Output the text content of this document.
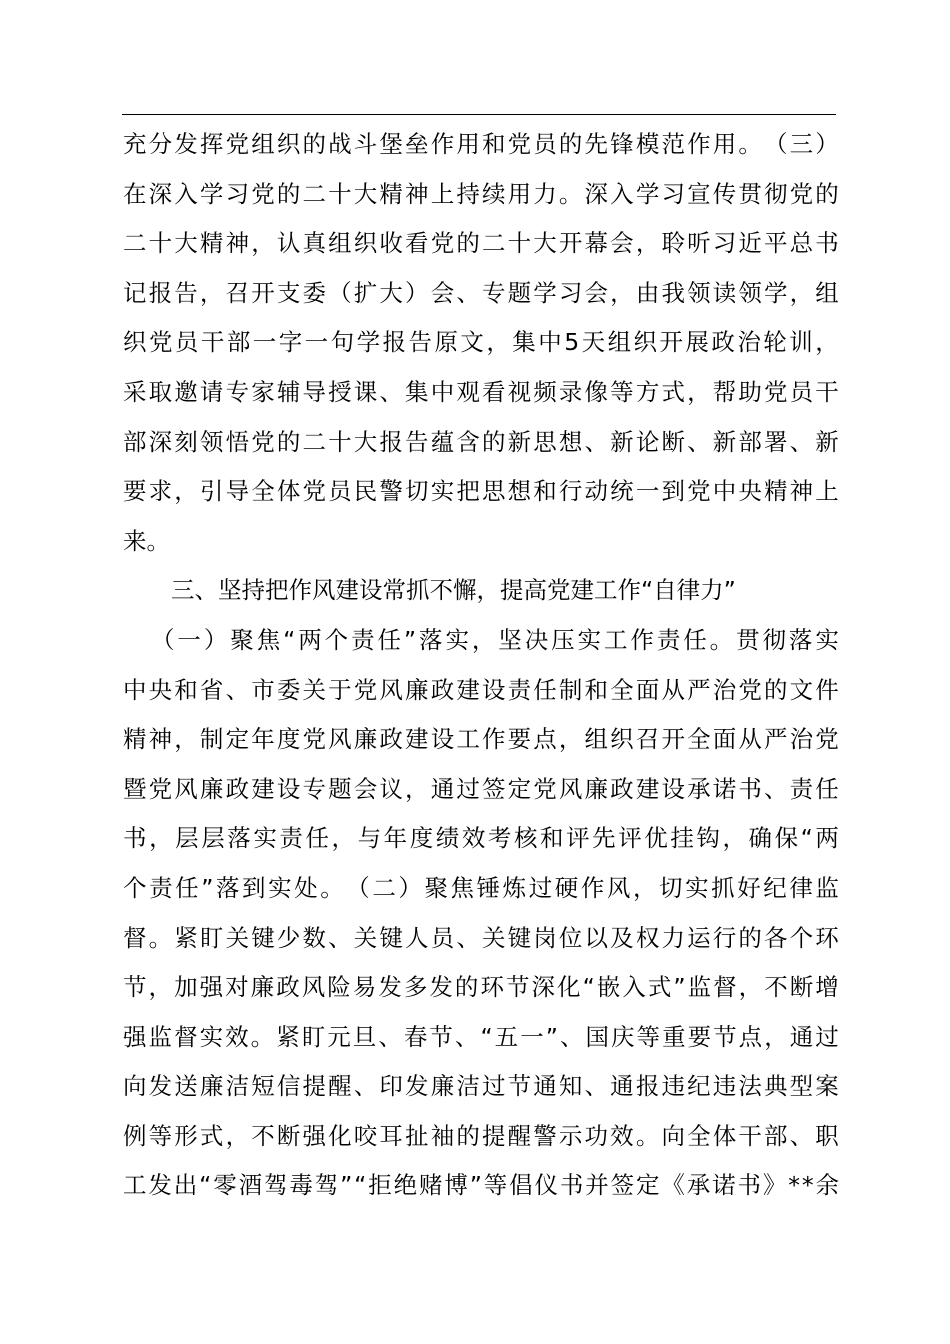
充 分 发 挥 党 组 织 的 战 斗 堡 垒 作 用 和 党 员 的 先 锋 模 范 作 用 。 （ 三 ）
在 深 入 学 习 党 的 二 十 大 精 神 上 持 续 用 力 。 深 入 学 习 宣 传 贯 彻 党 的
二 十 大 精 神 ， 认 真 组 织 收 看 党 的 二 十 大 开 幕 会 ， 聆 听 习 近 平 总 书
记 报 告 ， 召 开 支 委 （ 扩 大 ） 会 、 专 题 学 习 会 ， 由 我 领 读 领 学 ， 组
织 党 员 干 部 一 字 一 句 学 报 告 原 文 ， 集 中 5 天 组 织 开 展 政 治 轮 训 ，
采 取 邀 请 专 家 辅 导 授 课 、 集 中 观 看 视 频 录 像 等 方 式 ， 帮 助 党 员 干
部 深 刻 领 悟 党 的 二 十 大 报 告 蕴 含 的 新 思 想 、 新 论 断 、 新 部 署 、 新
要 求 ， 引 导 全 体 党 员 民 警 切 实 把 思 想 和 行 动 统 一 到 党 中 央 精 神 上
来。
三、坚持把作风建设常抓不懈，提高党建工作“自律力”
（ 一 ） 聚 焦 “ 两 个 责 任 ” 落 实 ， 坚 决 压 实 工 作 责 任 。 贯 彻 落 实
中 央 和 省 、 市 委 关 于 党 风 廉 政 建 设 责 任 制 和 全 面 从 严 治 党 的 文 件
精 神 ， 制 定 年 度 党 风 廉 政 建 设 工 作 要 点 ， 组 织 召 开 全 面 从 严 治 党
暨 党 风 廉 政 建 设 专 题 会 议 ， 通 过 签 定 党 风 廉 政 建 设 承 诺 书 、 责 任
书 ， 层 层 落 实 责 任 ， 与 年 度 绩 效 考 核 和 评 先 评 优 挂 钩 ， 确 保 “ 两
个 责 任 ” 落 到 实 处 。 （ 二 ） 聚 焦 锤 炼 过 硬 作 风 ， 切 实 抓 好 纪 律 监
督 。 紧 盯 关 键 少 数 、 关 键 人 员 、 关 键 岗 位 以 及 权 力 运 行 的 各 个 环
节 ， 加 强 对 廉 政 风 险 易 发 多 发 的 环 节 深 化 “ 嵌 入 式 ” 监 督 ， 不 断 增
强 监 督 实 效 。 紧 盯 元 旦 、 春 节 、 “ 五 一 ” 、 国 庆 等 重 要 节 点 ， 通 过
向 发 送 廉 洁 短 信 提 醒 、 印 发 廉 洁 过 节 通 知 、 通 报 违 纪 违 法 典 型 案
例 等 形 式 ， 不 断 强 化 咬 耳 扯 袖 的 提 醒 警 示 功 效 。 向 全 体 干 部 、 职
工 发 出 “ 零 酒 驾 毒 驾 ” “ 拒 绝 赌 博 ” 等 倡 仪 书 并 签 定 《 承 诺 书 》 * * 余
